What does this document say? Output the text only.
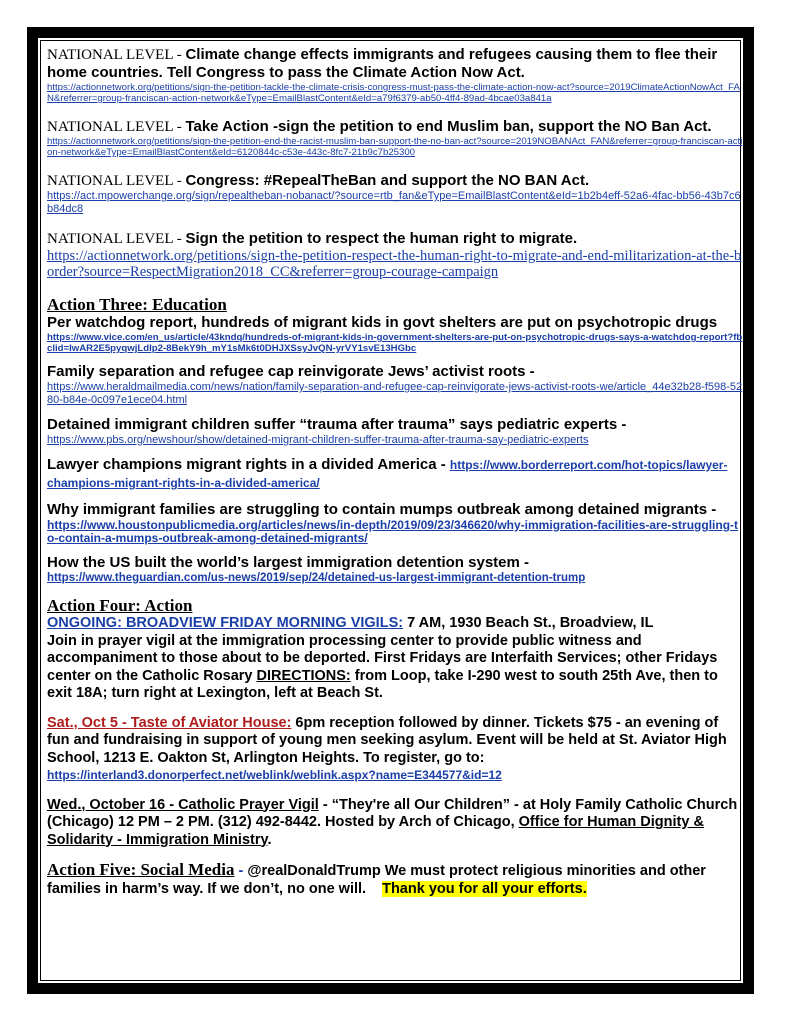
NATIONAL LEVEL - Climate change effects immigrants and refugees causing them to flee their home countries. Tell Congress to pass the Climate Action Now Act.
https://actionnetwork.org/petitions/sign-the-petition-tackle-the-climate-crisis-congress-must-pass-the-climate-action-now-act?source=2019ClimateActionNowAct_FAN&referrer=group-franciscan-action-network&eType=EmailBlastContent&eId=a79f6379-ab50-4ff4-89ad-4bcae03a841a
NATIONAL LEVEL - Take Action -sign the petition to end Muslim ban, support the NO Ban Act.
https://actionnetwork.org/petitions/sign-the-petition-end-the-racist-muslim-ban-support-the-no-ban-act?source=2019NOBANAct_FAN&referrer=group-franciscan-action-network&eType=EmailBlastContent&eId=6120844c-c53e-443c-8fc7-21b9c7b25300
NATIONAL LEVEL - Congress: #RepealTheBan and support the NO BAN Act.
https://act.mpowerchange.org/sign/repealtheban-nobanact/?source=rtb_fan&eType=EmailBlastContent&eId=1b2b4eff-52a6-4fac-bb56-43b7c6b84dc8
NATIONAL LEVEL - Sign the petition to respect the human right to migrate.
https://actionnetwork.org/petitions/sign-the-petition-respect-the-human-right-to-migrate-and-end-militarization-at-the-border?source=RespectMigration2018_CC&referrer=group-courage-campaign
Action Three: Education
Per watchdog report, hundreds of migrant kids in govt shelters are put on psychotropic drugs
https://www.vice.com/en_us/article/43kndq/hundreds-of-migrant-kids-in-government-shelters-are-put-on-psychotropic-drugs-says-a-watchdog-report?fbclid=IwAR2E5pyqwjLdIp2-8BekY9h_mY1sMk6t0DHJXSsyJvQN-yrVY1svE13HGbc
Family separation and refugee cap reinvigorate Jews’ activist roots -
https://www.heraldmailmedia.com/news/nation/family-separation-and-refugee-cap-reinvigorate-jews-activist-roots-we/article_44e32b28-f598-5280-b84e-0c097e1ece04.html
Detained immigrant children suffer “trauma after trauma” says pediatric experts -
https://www.pbs.org/newshour/show/detained-migrant-children-suffer-trauma-after-trauma-say-pediatric-experts
Lawyer champions migrant rights in a divided America - https://www.borderreport.com/hot-topics/lawyer-champions-migrant-rights-in-a-divided-america/
Why immigrant families are struggling to contain mumps outbreak among detained migrants -
https://www.houstonpublicmedia.org/articles/news/in-depth/2019/09/23/346620/why-immigration-facilities-are-struggling-to-contain-a-mumps-outbreak-among-detained-migrants/
How the US built the world’s largest immigration detention system -
https://www.theguardian.com/us-news/2019/sep/24/detained-us-largest-immigrant-detention-trump
Action Four: Action
ONGOING: BROADVIEW FRIDAY MORNING VIGILS: 7 AM, 1930 Beach St., Broadview, IL
Join in prayer vigil at the immigration processing center to provide public witness and accompaniment to those about to be deported. First Fridays are Interfaith Services; other Fridays center on the Catholic Rosary DIRECTIONS: from Loop, take I-290 west to south 25th Ave, then to exit 18A; turn right at Lexington, left at Beach St.
Sat., Oct 5 - Taste of Aviator House: 6pm reception followed by dinner. Tickets $75 - an evening of fun and fundraising in support of young men seeking asylum. Event will be held at St. Aviator High School, 1213 E. Oakton St, Arlington Heights. To register, go to:
https://interland3.donorperfect.net/weblink/weblink.aspx?name=E344577&id=12
Wed., October 16 - Catholic Prayer Vigil - “They're all Our Children” - at Holy Family Catholic Church (Chicago) 12 PM – 2 PM. (312) 492-8442. Hosted by Arch of Chicago, Office for Human Dignity & Solidarity - Immigration Ministry.
Action Five: Social Media - @realDonaldTrump We must protect religious minorities and other families in harm’s way. If we don’t, no one will. Thank you for all your efforts.
